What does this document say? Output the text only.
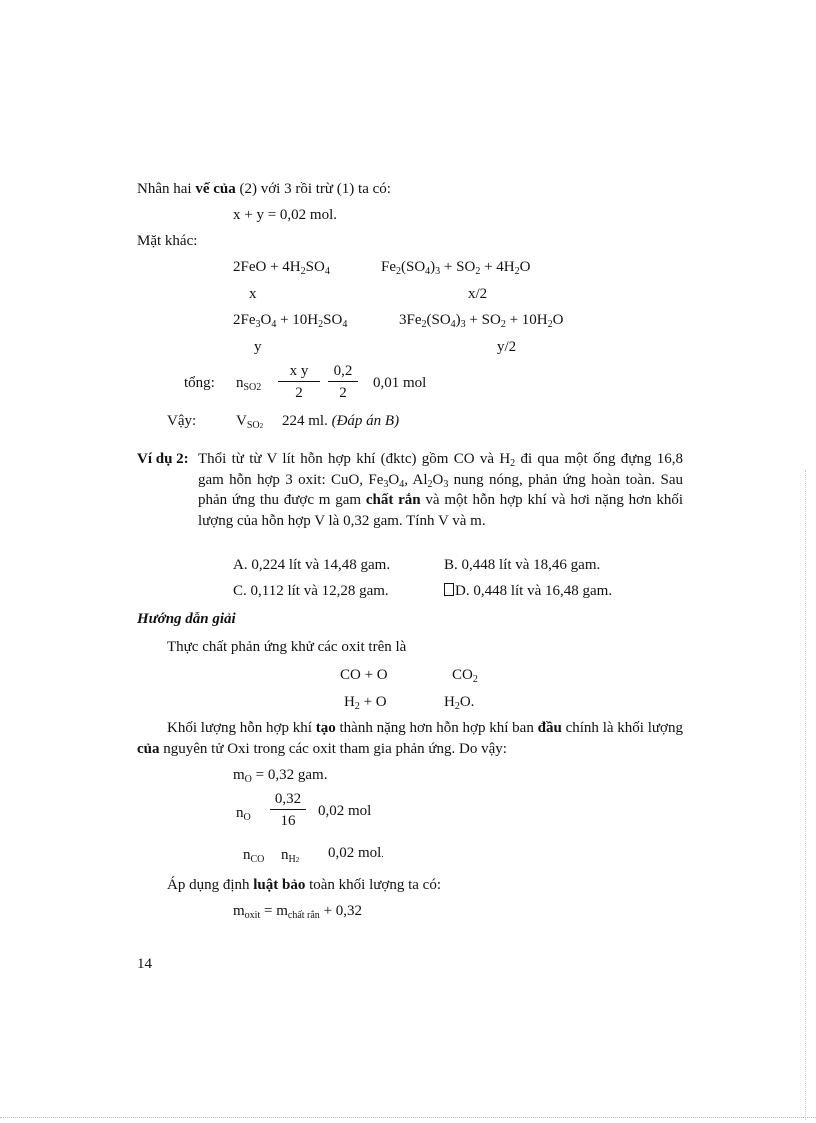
Nhân hai vế của (2) với 3 rồi trừ (1) ta có:
x + y = 0,02 mol.
Mặt khác:
$2FeO + 4H_2SO_4$	$Fe_2(SO_4)_3 + SO_2 + 4H_2O$
x	x/2
$2Fe_3O_4 + 10H_2SO_4$	$3Fe_2(SO_4)_3 + SO_2 + 10H_2O$
y	y/2
tổng: $n_{SO2} \frac{\text{x y}}{2} \frac{0,2}{2} 0,01$ mol
Vậy:	$V_{SO2}$ 224 ml. (Đáp án B)
Ví dụ 2: Thổi từ từ V lít hỗn hợp khí (đktc) gồm CO và $H_2$ đi qua một ống đựng 16,8 gam hỗn hợp 3 oxit: CuO, $Fe_3O_4$, $Al_2O_3$ nung nóng, phản ứng hoàn toàn. Sau phản ứng thu được m gam chất rắn và một hỗn hợp khí và hơi nặng hơn khối lượng của hỗn hợp V là 0,32 gam. Tính V và m.
A. 0,224 lít và 14,48 gam.	B. 0,448 lít và 18,46 gam.
C. 0,112 lít và 12,28 gam.	D. 0,448 lít và 16,48 gam.
Hướng dẫn giải
Thực chất phản ứng khử các oxit trên là
CO + O	$CO_2$
$H_2 + O$	$H_2O$.
Khối lượng hỗn hợp khí tạo thành nặng hơn hỗn hợp khí ban đầu chính là khối lượng của nguyên tử Oxi trong các oxit tham gia phản ứng. Do vậy:
$m_O = 0,32$ gam.
$n_O \frac{0,32}{16} 0,02$ mol
$n_{CO}$ $n_{H2}$ 0,02 mol.
Áp dụng định luật bảo toàn khối lượng ta có:
$m_{oxit} = m_{chất rắn} + 0,32$
14
